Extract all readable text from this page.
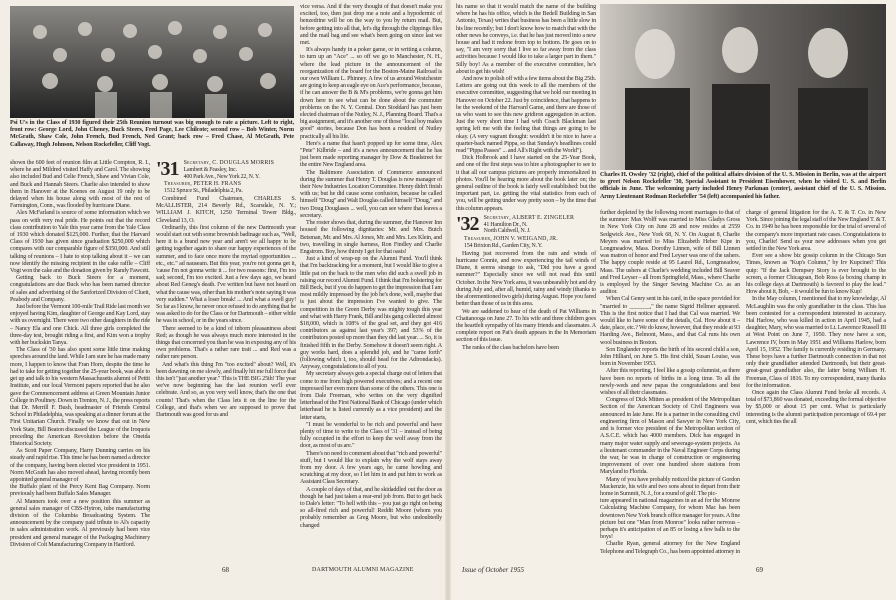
Psi U's in the Class of 1930 figured their 25th Reunion turnout was big enough to rate a picture. Left to right, front row: George Lord, John Cheney, Buck Steers, Fred Page, Lee Chilcote; second row – Bob Winter, Norm McGrath, Shaw Cole, John French, Bud French, Ned Grant; back row – Fred Chase, Al McGrath, Pete Callaway, Hugh Johnson, Nelson Rockefeller, Cliff Vogt.

shown the 600 feet of reunion film at Little Compton, R. I., where he and Mildred visited Haffy and Carol. The showing also included Bud and Celie French, Shaw and Vivian Cole, and Buck and Hannah Steers. Charlie also intended to show them in Hanover at the Koenes on August 19 only to be delayed when his house along with most of the rest of Farmington, Conn., was flooded by hurricane Diane.

Alex McFarland is source of some information which we pass on with very real pride. He points out that the record class contribution to Yale this year came from the Yale Class of 1930 which donated $125,000. Further, that the Harvard Class of 1930 has given since graduation $250,000 which compares with our comparable figure of $350,000. And still talking of reunions – I hate to stop talking about it – we can now identify the missing recipient in the cake raffle – Cliff Vogt won the cake and the donation given by Randy Fawcett.

Getting back to Buck Steers for a moment, congratulations are due Buck who has been named director of sales and advertising of the Sanforized Division of Cluett, Peabody and Company.

Just before the Vermont 100-mile Trail Ride last month we enjoyed having Kim, daughter of George and Kay Lord, stay with us overnight. There were two other daughters in the ride – Nancy Ela and one Chick. All three girls completed the three-day test, brought riding a first, and Kim won a trophy with her buckskin Tanya.

The Class of '30 has also spent some little time making speeches around the land. While I am sure he has made many more, I happen to know that Fran Horn, despite the time he had to take for getting together the 25-year book, was able to get up and talk to his western Massachusetts alumni of Pettit Institute, and our local Vermont papers reported that he also gave the Commencement address at Green Mountain Junior College in Poultney. Down in Trenton, N. J., the press reports that Dr. Merrill F. Bush, headmaster of Friends Central School in Philadelphia, was speaking at a dinner forum at the First Unitarian Church. Finally we know that out in New York State, Bill Beaton discussed the League of the Iroquois preceding the American Revolution before the Oneida Historical Society.

As Scott Paper Company, Harry Dunning carries on his steady and rapid rise. This time he has been named a director of the company, having been elected vice president in 1951. Norm McGrath has also moved ahead, having recently been appointed general manager of

the Buffalo plant of the Percy Kent Bag Company. Norm previously had been Buffalo Sales Manager.

Al Manners took over a new position this summer as general sales manager of CBS-Hytron, tube manufacturing division of the Columbia Broadcasting System. The announcement by the company paid tribute to Al's capacity in sales administration work. Al previously had been vice president and general manager of the Packaging Machinery Division of Colt Manufacturing Company in Hartford.

'31 Secretary, C. DOUGLAS MORRIS
Lambert & Feasley, Inc.
400 Park Ave., New York 22, N. Y.
Treasurer, PETER H. FRANS
1512 Spruce St., Philadelphia 2, Pa.

Combined Fund Chairmen, CHARLES S. McALLISTER, 214 Beverly Rd., Scarsdale, N. Y.; WILLIAM J. KITCH, 1250 Terminal Tower Bldg., Cleveland 13, O.

Ordinarily, this first column of the new Dartmouth year would start out with some brownish badinage such as, "Well, here it is a brand new year and aren't we all happy to be getting together again to share our happy experiences of the summer, and to face once more the myriad opportunities ... etc., etc." ad nauseam. But this year, you're not gonna get it, 'cause I'm not gonna write it ... for two reasons: first, I'm too sad; second, I'm too excited. Just a few days ago, we heard about Red Geneg's death. I've written but have not heard on what the cause was, other than his mother's note saying it was very sudden." What a loser break! ... And what a swell guy! So far as I know, he never once refused to do anything that he was asked to do for the Class or for Dartmouth – either while he was in school, or in the years since.

There seemed to be a kind of inborn pleasantness about Red; as though he was always much more interested in the things that concerned you than he was in exposing any of his own problems. That's a rather rare trait ... and Red was a rather rare person.

And what's this thing I'm "too excited" about? Well, it's been dawning on me slowly, and finally hit me full force that this isn't "just another year." This is THE BIG 25th! The year we've now beginning has the last reunion we'll ever celebrate. And so, as you very well know, that's the one that counts! That's when the Class lets it on the line for the College, and that's when we are supposed to prove that Dartmouth was good for us and

vice versa. And if the very thought of that doesn't make you excited, too, then just drop me a note and a hypodermic of benzedrine will be on the way to you by return mail. But, before getting into all that, let's dig through the clippings files and the mail bag and see what's been going on since last we met.

It's always handy in a poker game, or in writing a column, to turn up an "Ace" ... so off we go to Manchester, N. H., where the lead picture in the announcement of the reorganization of the board for the Boston-Maine Railroad is our own William L. Phinney. A few of us around Westchester are going to keep an eagle eye on Ace's performance, because, if he can answer the B & M's problems, we're gonna get him down here to see what can be done about the commuter problems on the N. Y. Central. Don Stoddard has just been elected chairman of the Nutley, N. J., Planning Board. That's a big assignment, and it's another one of those "local boy makes good" stories, because Don has been a resident of Nutley practically all his life.

Here's a name that hasn't popped up for some time, Alex "Pete" Kilbride – and it's a news announcement that he has just been made reporting manager by Dow & Bradstreet for the entire New England area.

The Baltimore Association of Commerce announced during the summer that Henry T. Douglas is now manager of their New Industries Location Committee. Henry didn't finish with us; but he did cause some confusion, because he called himself "Doug" and Walt Douglas called himself "Doug," and two Doug Douglases ... well, you can see where that leaves a secretary.

The roster shows that, during the summer, the Hanover Inn housed the following dignitaries: Mr. and Mrs. Butch Betsman, Mr. and Mrs. Al Jones, Mr. and Mrs. Lex Klein, and two, travelling in single harness, Ron Findley and Charlie Engstrom. Boy, how thirsty I get for that oasis!

Just a kind of wrap-up on the Alumni Fund. You'll think that I'm backtracking for a moment, but I would like to give a little pat on the back to the men who did such a swell job in raising our record Alumni Fund. I think that I'm bolstering for Bill Beck, but if you do happen to get the impression that I am most mildly impressed by the job he's done, well, maybe that is just about the impression I've wanted to give. The competition in the Green Derby was mighty tough this year and what with Harry Frank, Bill and his gang collected almost $18,000, which is 108% of the goal set, and they got 416 contributors as against last year's 397; and 53% of the contributors posted up more than they did last year. ... So, it is finished fifth in the Derby. Somehow it doesn't seem right. A guy works hard, does a splendid job, and he "came forth" (following which I, too, should head for the Adirondacks). Anyway, congratulations to all of you.

My secretary always gets a special charge out of letters that come to me from high powered executives; and a recent one impressed her even more than some of the others. This one is from Dale Freeman, who writes on the very dignified letterhead of the First National Bank of Chicago (under which letterhead he is listed currently as a vice president) and the letter starts,

"I must be wonderful to be rich and powerful and have plenty of time to write to the Class of '31 – instead of being fully occupied in the effort to keep the wolf away from the door, as most of us are."

There's no need to comment about that "rich and powerful" stuff, but I would like to explain why the wolf stays away from my door. A few years ago, he came howling and scratching at my door, so I let him in and put him to work as Assistant Class Secretary.

A couple of days of that, and he skidaddled out the door as though he had just taken a rear-end job from. But to get back to Dale's letter: "To hell with this – you just go right on being so all-fired rich and powerful! Reddit Moore (whom you probably remember as Greg Moore, but who undoubtedly changed

68	DARTMOUTH ALUMNI MAGAZINE

his name so that it would match the name of the building where he has his office, which is the Bedell Building in San Antonio, Texas) writes that business has been a little slow in his line recently; but I don't know how to match that with the other news he conveys, i.e. that he has just moved into a new house and had it redone from top to bottom. He goes on to say, "I am very sorry that I live so far away from the class activities because I would like to take a larger part in them." Silly boy! As a member of the executive committee, he's about to get his wish!

And now to polish off with a few items about the Big 25th. Letters are going out this week to all the members of the executive committee, suggesting that we hold our meeting in Hanover on October 22. Just by coincidence, that happens to be the weekend of the Harvard Game, and there are those of us who want to see this new gridiron aggregation in action. Just the very short time I had with Coach Blackman last spring left me with the feeling that things are going to be okay. (A very vagrant thought: wouldn't it be nice to have a quarter-back named Pippa, so that Sunday's headlines could read "Pippa Passes" ... and All's Right with the World").

Dick Holbrook and I have started on the 25-Year Book, and one of the first steps was to hire a photographer to see to it that all our campus pictures are properly immortalized in photos. You'll be hearing more about the book later on; the general outline of the book is fairly well established: but the important part, i.e. getting the vital statistics from each of you, will be getting under way pretty soon – by the time that this column appears.

'32 Secretary, ALBERT E. ZINGELER
41 Hamilton Dr., N.
North Caldwell, N. J.
Treasurer, JOHN V. WEIGAND, JR.
154 Brixton Rd., Garden City, N. Y.

Having just recovered from the rain and winds of hurricane Connie, and now experiencing the tail winds of Diane, it seems strange to ask, "Did you have a good summer?" Especially since we will not read this until October. In the New York area, it was unbearably hot and dry during July and, after all, humid, rainy and windy (thanks to the aforementioned two girls) during August. Hope you fared better than those of us in this area.

We are saddened to hear of the death of Pat Williams in Chattanooga on June 27. To his wife and three children goes the heartfelt sympathy of his many friends and classmates. A complete report on Pat's death appears in the In Memoriam section of this issue.

The ranks of the class bachelors have been

Charles H. Owsley '32 (right), chief of the political affairs division of the U. S. Mission in Berlin, was at the airport to greet Nelson Rockefeller '30, Special Assistant to President Eisenhower, when he visited U. S. and Berlin officials in June. The welcoming party included Henry Parkman (center), assistant chief of the U. S. Mission. Army Lieutenant Rodman Rockefeller '54 (left) accompanied his father.

further depleted by the following recent marriages to that of the summer: Max Wolff was married to Miss Gladys Gross in New York City on June 28 and now resides at 2559 Sedgwick Ave., New York 68, N. Y. On August 8, Charlie Meyers was married to Miss Elizabeth Heber Kipe in Longmeadow, Mass. Dorothy Linnen, wife of Bill Linnen was matron of honor and Fred Leyser was one of the ushers. The happy couple reside at 95 Laurel Rd., Longmeadow, Mass. The ushers at Charlie's wedding included Bill Seaver and Fred Leyser – all from Springfield, Mass., where Charlie is employed by the Singer Sewing Machine Co. as an auditor.

When Cal Genry sent in his card, in the space provided for "married to _______," the name Sigrid Hellmer appeared. This is the first notice that I had that Cal was married. We would like to have some of the details, Cal. How about it – date, place, etc.? We do know, however, that they reside at 93 Harding Ave., Belmont, Mass., and that Cal runs his own wool business in Boston.

Son Englander reports the birth of his second child a son, John Hilliard, on June 5. His first child, Susan Louise, was born in November 1953.

After this reporting, I feel like a gossip columnist, as there have been no reports of births in a long time. To all the newly-weds and new papas the congratulations and best wishes of all their classmates.

Congress of Dick Mitten as president of the Metropolitan Section of the American Society of Civil Engineers was announced in late June. He is a partner in the consulting civil engineering firm of Mason and Sawyer in New York City, and is former vice president of the Metropolitan section of A.S.C.E. which has 4000 members. Dick has engaged in many major water supply and sewerage-system projects. As a lieutenant commander in the Naval Engineer Corps during the war, he was in charge of construction or engineering improvement of over one hundred shore stations from Maryland to Florida.

Many of you have probably noticed the picture of Gordon Mackenzie, his wife and two sons about to depart from their home in Summit, N. J., for a round of golf. The pic-

ture appeared in national magazines in an ad for the Monroe Calculating Machine Company, for whom Mac has been downtown New York branch office manager for years. A fine picture but one "Man from Monroe" looks rather nervous – perhaps it's anticipation of an 85 or losing a few balls to the boys!

Charlie Ryan, general attorney for the New England Telephone and Telegraph Co., has been appointed attorney in charge of general litigation for the A. T. & T. Co. in New York. Since joining the legal staff of the New England T. & T. Co. in 1949 he has been responsible for the trial of several of the company's more important rate cases. Congratulations to you, Charlie! Send us your new addresses when you get settled in the New York area.

Ever see a show biz gossip column in the Chicago Sun Times, known as "Kup's Column," by Irv Kupcinet? This quip: "If the Jack Dempsey Story is ever brought to the screen, a former Chicagoan, Bob Ross (a boxing champ in his college days at Dartmouth) is favored to play the lead." How about it, Bob, – it would be fun to know Kup!

In the May column, I mentioned that to my knowledge, Al McLaughlin was the only grandfather in the class. This has been contested for a correspondent interested in accuracy. Hal Harlow, who was killed in action in April 1945, had a daughter, Mary, who was married to Lt. Lawrence Russell III at West Point on June 7, 1950. They now have a son, Lawrence IV, born in May 1951 and Williams Harlow, born April 15, 1952. The family is currently residing in Germany. These boys have a further Dartmouth connection in that not only their grandfather attended Dartmouth, but their great-great-great grandfather also, the latter being William H. Freeman, Class of 1816. To my correspondent, many thanks for the information.

Once again the Class Alumni Fund broke all records. A total of $73,860 was donated, exceeding the formal objective by $5,000 or about 15 per cent. What is particularly interesting is the alumni participation percentage of 69.4 per cent, which ties the all

Issue of October 1955	69
